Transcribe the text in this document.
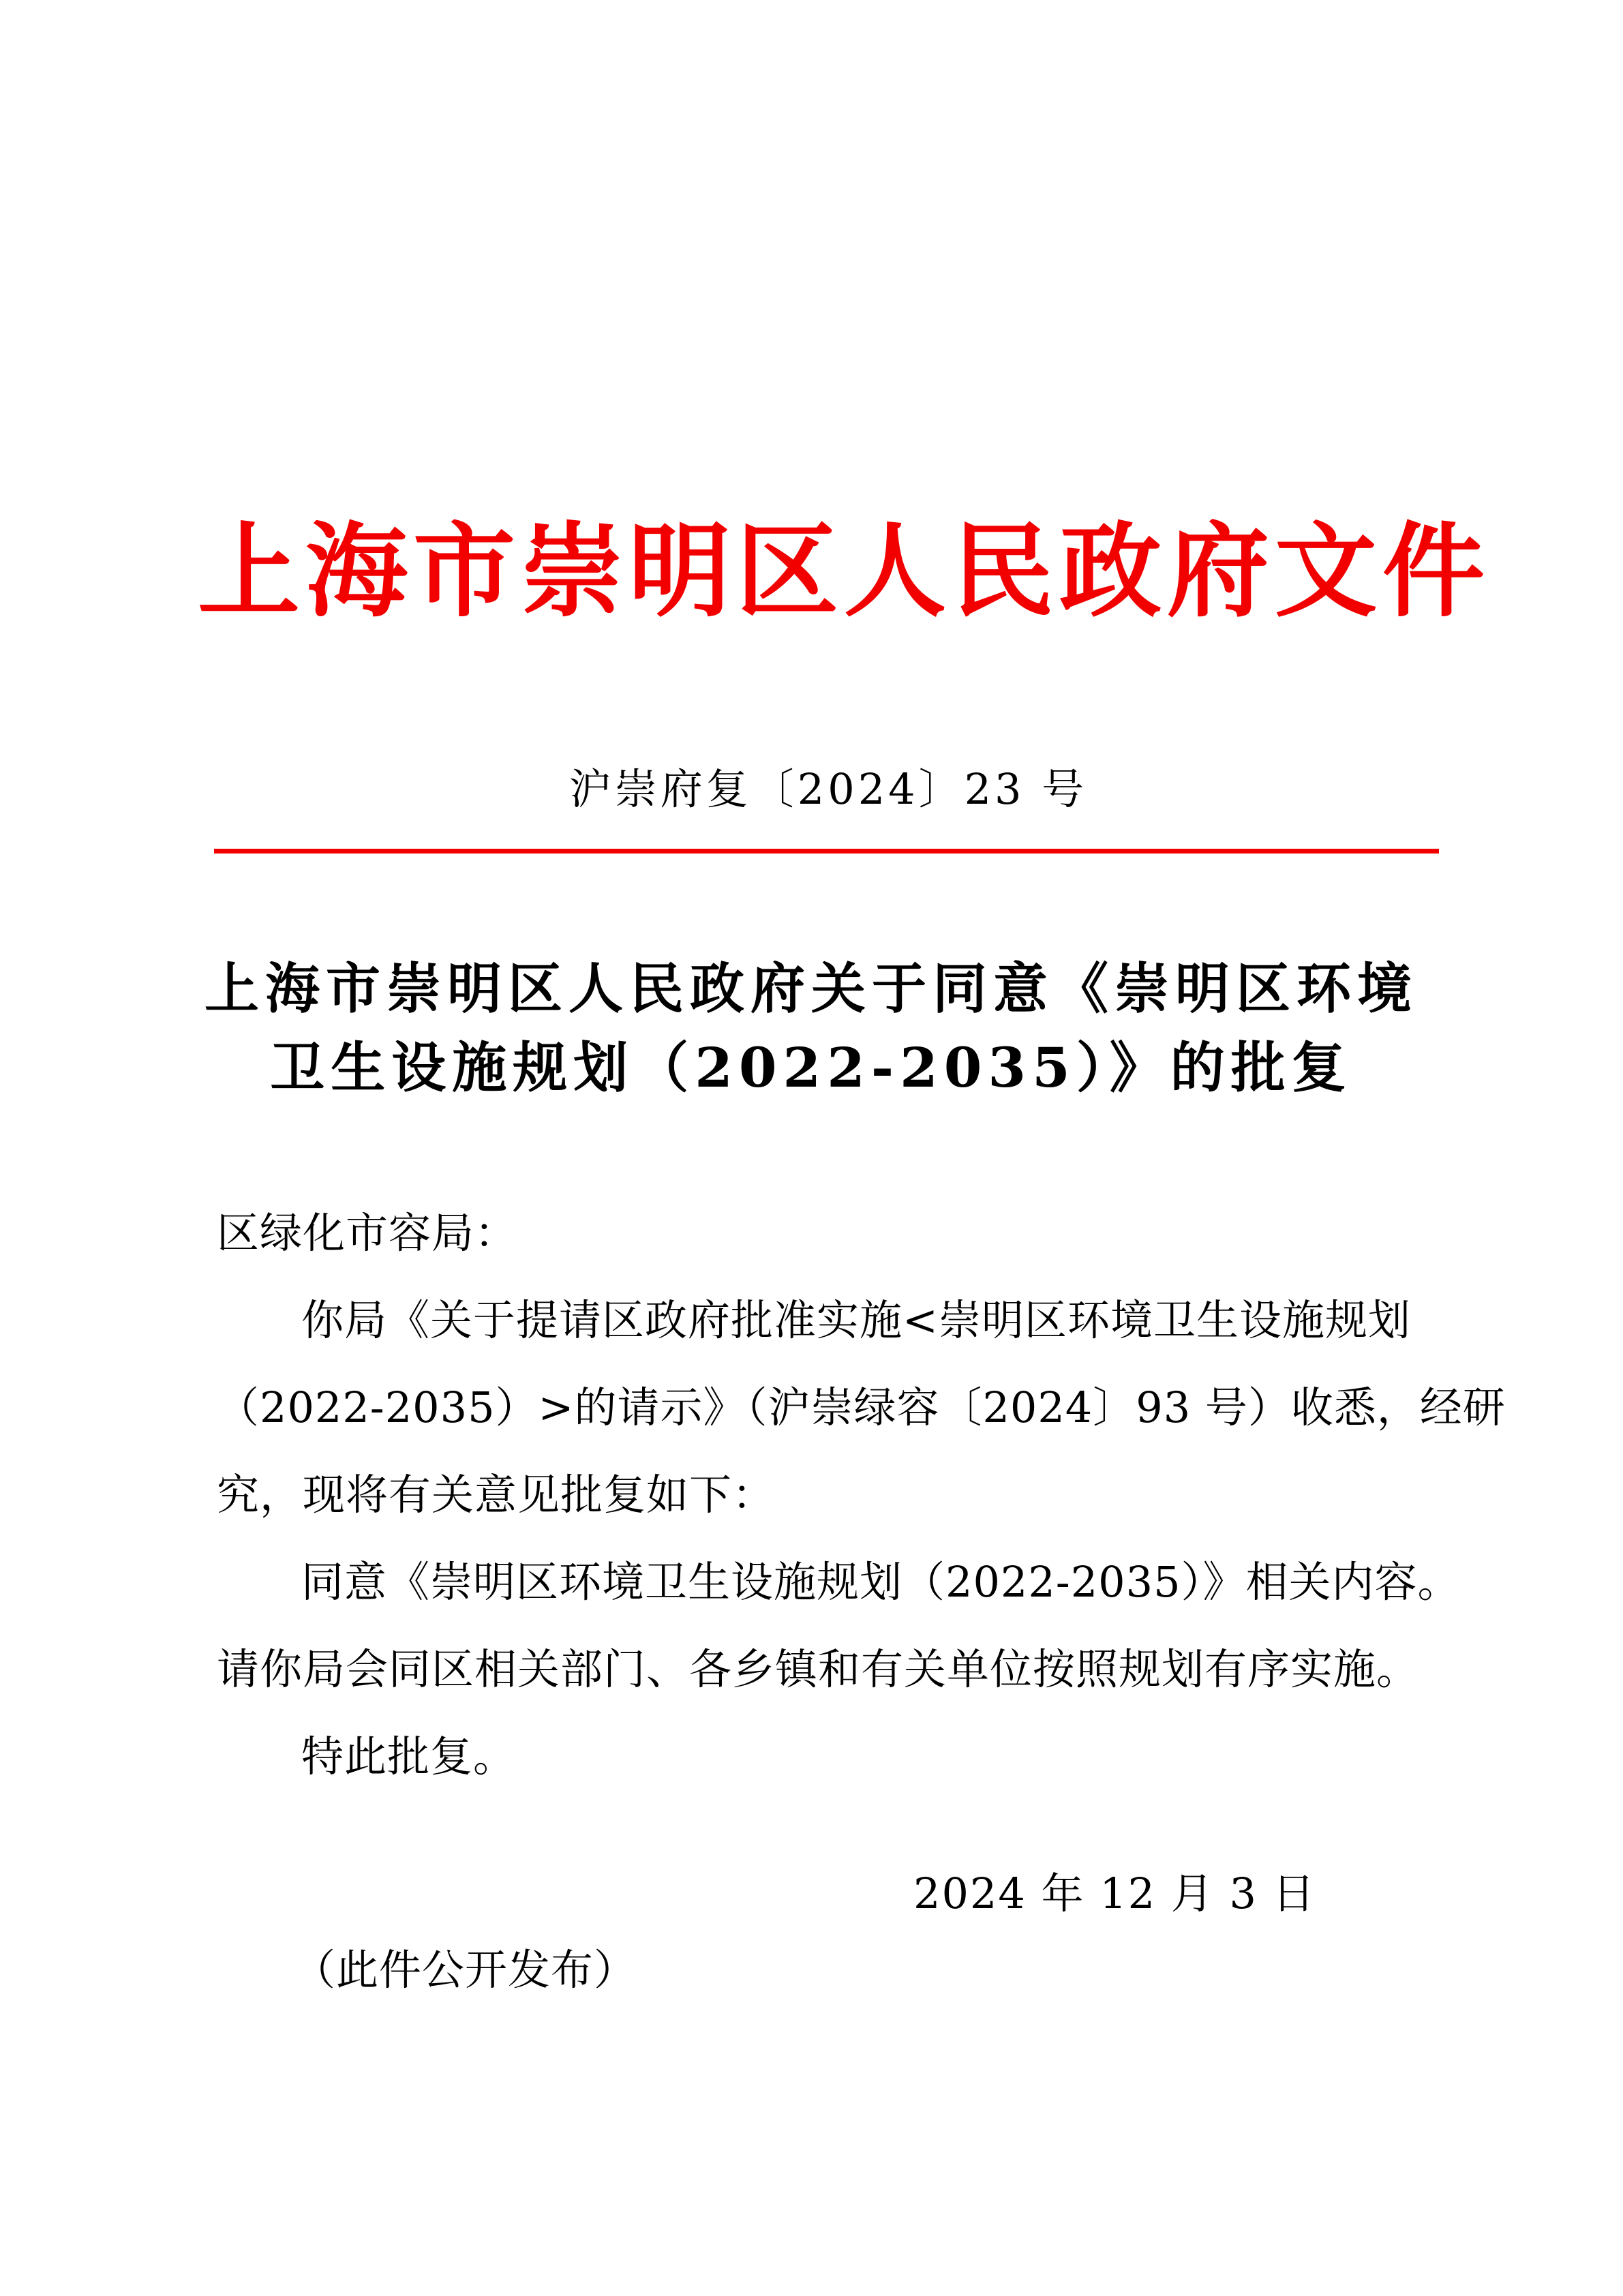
上海市崇明区人民政府文件
沪崇府复〔2024〕23 号
上海市崇明区人民政府关于同意《崇明区环境
卫生设施规划（2022-2035）》的批复
区绿化市容局：
你局《关于提请区政府批准实施<崇明区环境卫生设施规划
（2022-2035）>的请示》（沪崇绿容〔2024〕93 号）收悉，经研
究，现将有关意见批复如下：
同意《崇明区环境卫生设施规划（2022-2035）》相关内容。
请你局会同区相关部门、各乡镇和有关单位按照规划有序实施。
特此批复。
2024 年 12 月 3 日
（此件公开发布）
